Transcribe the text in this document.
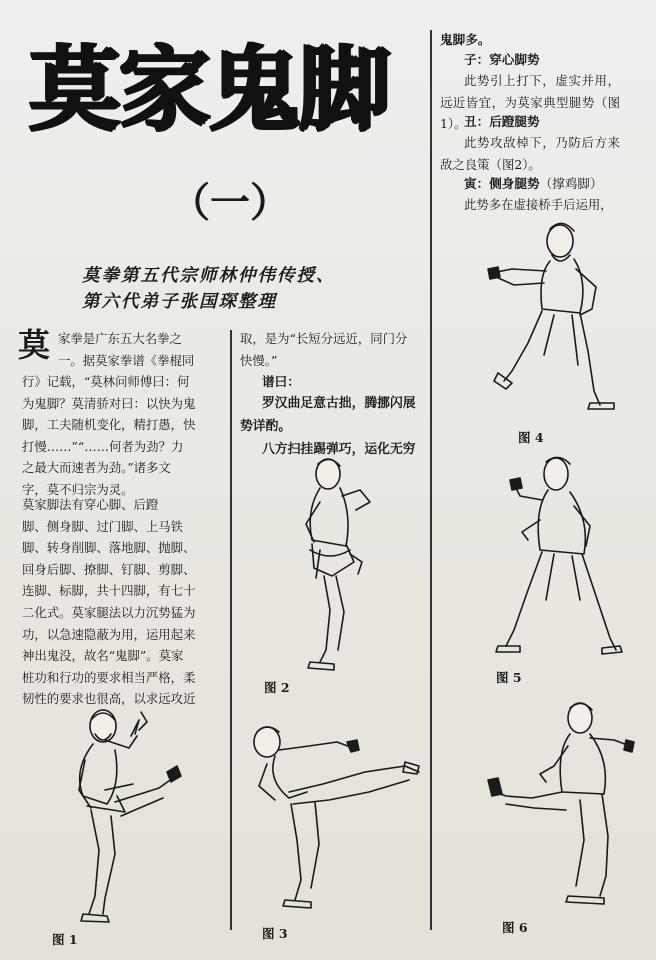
莫家鬼脚
（一）
莫拳第五代宗师林仲伟传授、
第六代弟子张国琛整理
莫 家拳是广东五大名拳之
一。据莫家拳谱《拳棍同
行》记载，“莫林问师傅曰：何
为鬼脚？莫清骄对曰：以快为鬼
脚，工夫随机变化，精打愚，快
打慢……”“……何者为劲？力
之最大而速者为劲。”诸多文
字，莫不归宗为灵。
莫家脚法有穿心脚、后蹬
脚、侧身脚、过门脚、上马铁
脚、转身削脚、落地脚、抛脚、
回身后脚、撩脚、钉脚、剪脚、
连脚、标脚，共十四脚，有七十
二化式。莫家腿法以力沉势猛为
功，以急速隐蔽为用，运用起来
神出鬼没，故名“鬼脚”。莫家
桩功和行功的要求相当严格，柔
韧性的要求也很高，以求远攻近
取，是为“长短分远近，同门分
快慢。”
谱曰：
罗汉曲足意古拙，腾挪闪展势详酌。
八方扫挂踢弹巧，运化无穷
鬼脚多。
子：穿心脚势
此势引上打下，虚实并用，远近皆宜，为莫家典型腿势（图1）。
丑：后蹬腿势
此势攻敌棹下，乃防后方来敌之良策（图2）。
寅：侧身腿势（撑鸡脚）
此势多在虚接桥手后运用，
图 1
图 2
图 3
图 4
图 5
图 6
